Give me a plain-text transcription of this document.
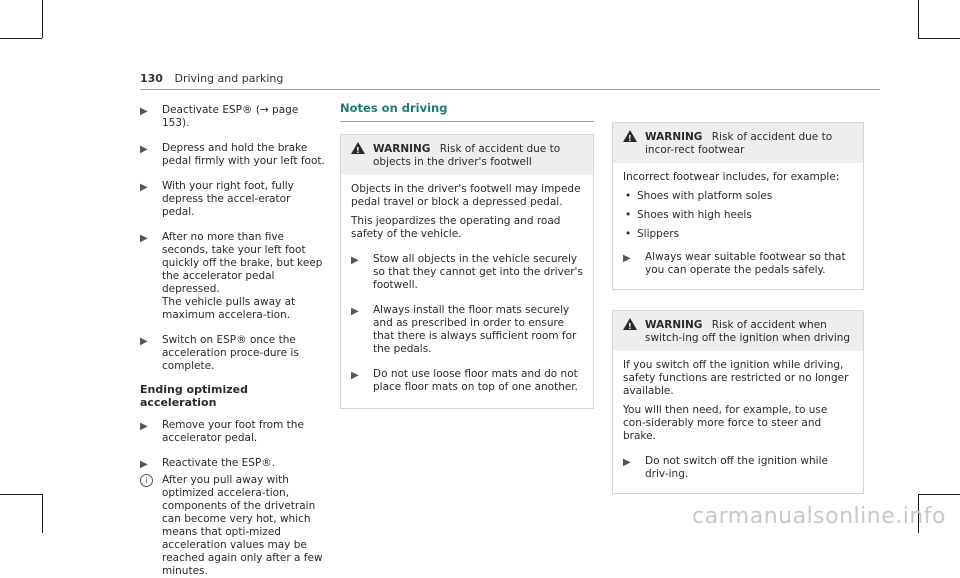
130 Driving and parking
▶ Deactivate ESP® (→ page 153).
▶ Depress and hold the brake pedal firmly with your left foot.
▶ With your right foot, fully depress the accel-erator pedal.
▶ After no more than five seconds, take your left foot quickly off the brake, but keep the accelerator pedal depressed.
The vehicle pulls away at maximum accelera-tion.
▶ Switch on ESP® once the acceleration proce-dure is complete.
Ending optimized acceleration
▶ Remove your foot from the accelerator pedal.
▶ Reactivate the ESP®.
i	After you pull away with optimized accelera-tion, components of the drivetrain can become very hot, which means that opti-mized acceleration values may be reached again only after a few minutes.
Notes on driving
!
WARNING Risk of accident due to objects in the driver's footwell

Objects in the driver's footwell may impede pedal travel or block a depressed pedal.

This jeopardizes the operating and road safety of the vehicle.

▶ Stow all objects in the vehicle securely so that they cannot get into the driver's footwell.
▶ Always install the floor mats securely and as prescribed in order to ensure that there is always sufficient room for the pedals.
▶ Do not use loose floor mats and do not place floor mats on top of one another.
!
WARNING Risk of accident due to incor-rect footwear

Incorrect footwear includes, for example:

• Shoes with platform soles
• Shoes with high heels
• Slippers
▶ Always wear suitable footwear so that you can operate the pedals safely.
!
WARNING Risk of accident when switch-ing off the ignition when driving

If you switch off the ignition while driving, safety functions are restricted or no longer available.

You will then need, for example, to use con-siderably more force to steer and brake.

▶ Do not switch off the ignition while driv-ing.
carmanualsonline.info
